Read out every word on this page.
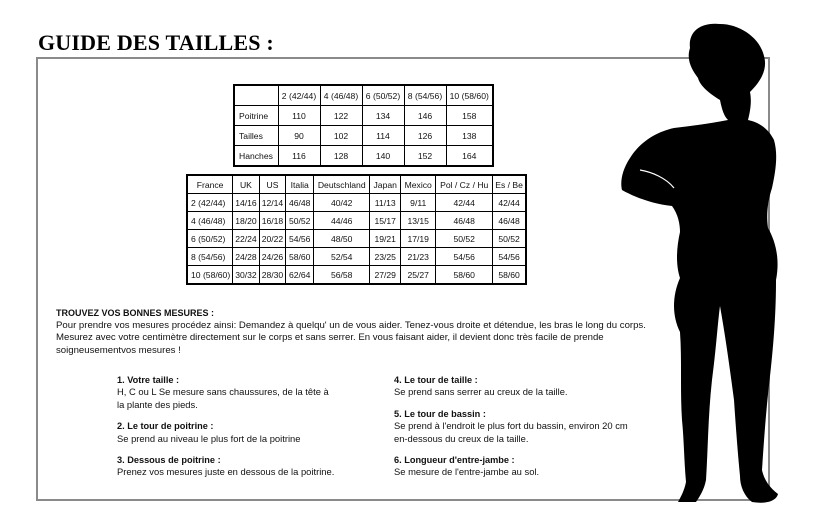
GUIDE DES TAILLES :
	2 (42/44)	4 (46/48)	6 (50/52)	8 (54/56)	10 (58/60)
Poitrine	110	122	134	146	158
Tailles	90	102	114	126	138
Hanches	116	128	140	152	164
France	UK	US	Italia	Deutschland	Japan	Mexico	Pol / Cz / Hu	Es / Be
2 (42/44)	14/16	12/14	46/48	40/42	11/13	9/11	42/44	42/44
4 (46/48)	18/20	16/18	50/52	44/46	15/17	13/15	46/48	46/48
6 (50/52)	22/24	20/22	54/56	48/50	19/21	17/19	50/52	50/52
8 (54/56)	24/28	24/26	58/60	52/54	23/25	21/23	54/56	54/56
10 (58/60)	30/32	28/30	62/64	56/58	27/29	25/27	58/60	58/60
TROUVEZ VOS BONNES MESURES :
Pour prendre vos mesures procédez ainsi: Demandez à quelqu' un de vous aider. Tenez-vous droite et détendue, les bras le long du corps.
Mesurez avec votre centimètre directement sur le corps et sans serrer. En vous faisant aider, il devient donc très facile de prende
soigneusementvos mesures !
1. Votre taille :
H, C ou L Se mesure sans chaussures, de la tête à
la plante des pieds.
2. Le tour de poitrine :
Se prend au niveau le plus fort de la poitrine
3. Dessous de poitrine :
Prenez vos mesures juste en dessous de la poitrine.
4. Le tour de taille :
Se prend sans serrer au creux de la taille.
5. Le tour de bassin :
Se prend à l'endroit le plus fort du bassin, environ 20 cm
en-dessous du creux de la taille.
6. Longueur d'entre-jambe :
Se mesure de l'entre-jambe au sol.
